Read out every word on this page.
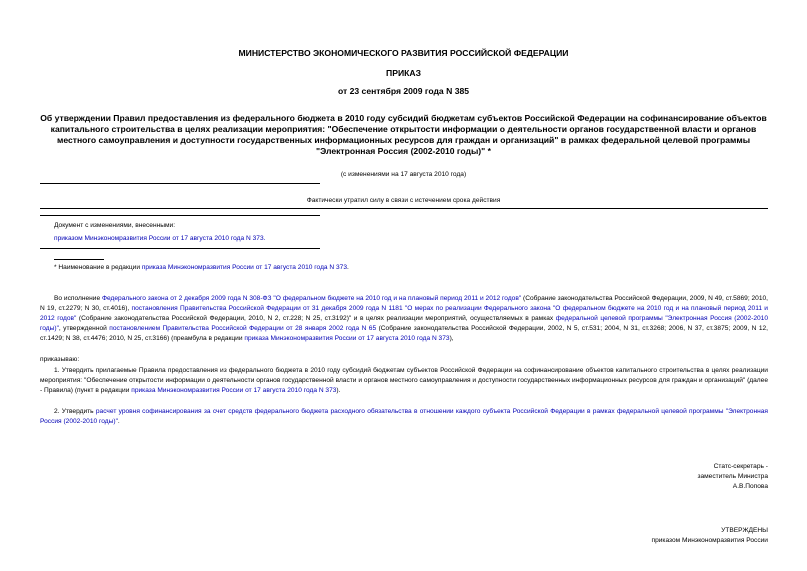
МИНИСТЕРСТВО ЭКОНОМИЧЕСКОГО РАЗВИТИЯ РОССИЙСКОЙ ФЕДЕРАЦИИ
ПРИКАЗ
от 23 сентября 2009 года N 385
Об утверждении Правил предоставления из федерального бюджета в 2010 году субсидий бюджетам субъектов Российской Федерации на софинансирование объектов капитального строительства в целях реализации мероприятия: "Обеспечение открытости информации о деятельности органов государственной власти и органов местного самоуправления и доступности государственных информационных ресурсов для граждан и организаций" в рамках федеральной целевой программы "Электронная Россия (2002-2010 годы)" *
(с изменениями на 17 августа 2010 года)
Фактически утратил силу в связи с истечением срока действия
Документ с изменениями, внесенными:
приказом Минэкономразвития России от 17 августа 2010 года N 373.
* Наименование в редакции приказа Минэкономразвития России от 17 августа 2010 года N 373.
Во исполнение Федерального закона от 2 декабря 2009 года N 308-ФЗ "О федеральном бюджете на 2010 год и на плановый период 2011 и 2012 годов" (Собрание законодательства Российской Федерации, 2009, N 49, ст.5869; 2010, N 19, ст.2279; N 30, ст.4016), постановления Правительства Российской Федерации от 31 декабря 2009 года N 1181 "О мерах по реализации Федерального закона "О федеральном бюджете на 2010 год и на плановый период 2011 и 2012 годов" (Собрание законодательства Российской Федерации, 2010, N 2, ст.228; N 25, ст.3192)" и в целях реализации мероприятий, осуществляемых в рамках федеральной целевой программы "Электронная Россия (2002-2010 годы)", утвержденной постановлением Правительства Российской Федерации от 28 января 2002 года N 65 (Собрание законодательства Российской Федерации, 2002, N 5, ст.531; 2004, N 31, ст.3268; 2006, N 37, ст.3875; 2009, N 12, ст.1429; N 38, ст.4476; 2010, N 25, ст.3166) (преамбула в редакции приказа Минэкономразвития России от 17 августа 2010 года N 373),
приказываю:
1. Утвердить прилагаемые Правила предоставления из федерального бюджета в 2010 году субсидий бюджетам субъектов Российской Федерации на софинансирование объектов капитального строительства в целях реализации мероприятия: "Обеспечение открытости информации о деятельности органов государственной власти и органов местного самоуправления и доступности государственных информационных ресурсов для граждан и организаций" (далее - Правила) (пункт в редакции приказа Минэкономразвития России от 17 августа 2010 года N 373).
2. Утвердить расчет уровня софинансирования за счет средств федерального бюджета расходного обязательства в отношении каждого субъекта Российской Федерации в рамках федеральной целевой программы "Электронная Россия (2002-2010 годы)".
Статс-секретарь -
заместитель Министра
А.В.Попова
УТВЕРЖДЕНЫ
приказом Минэкономразвития России
